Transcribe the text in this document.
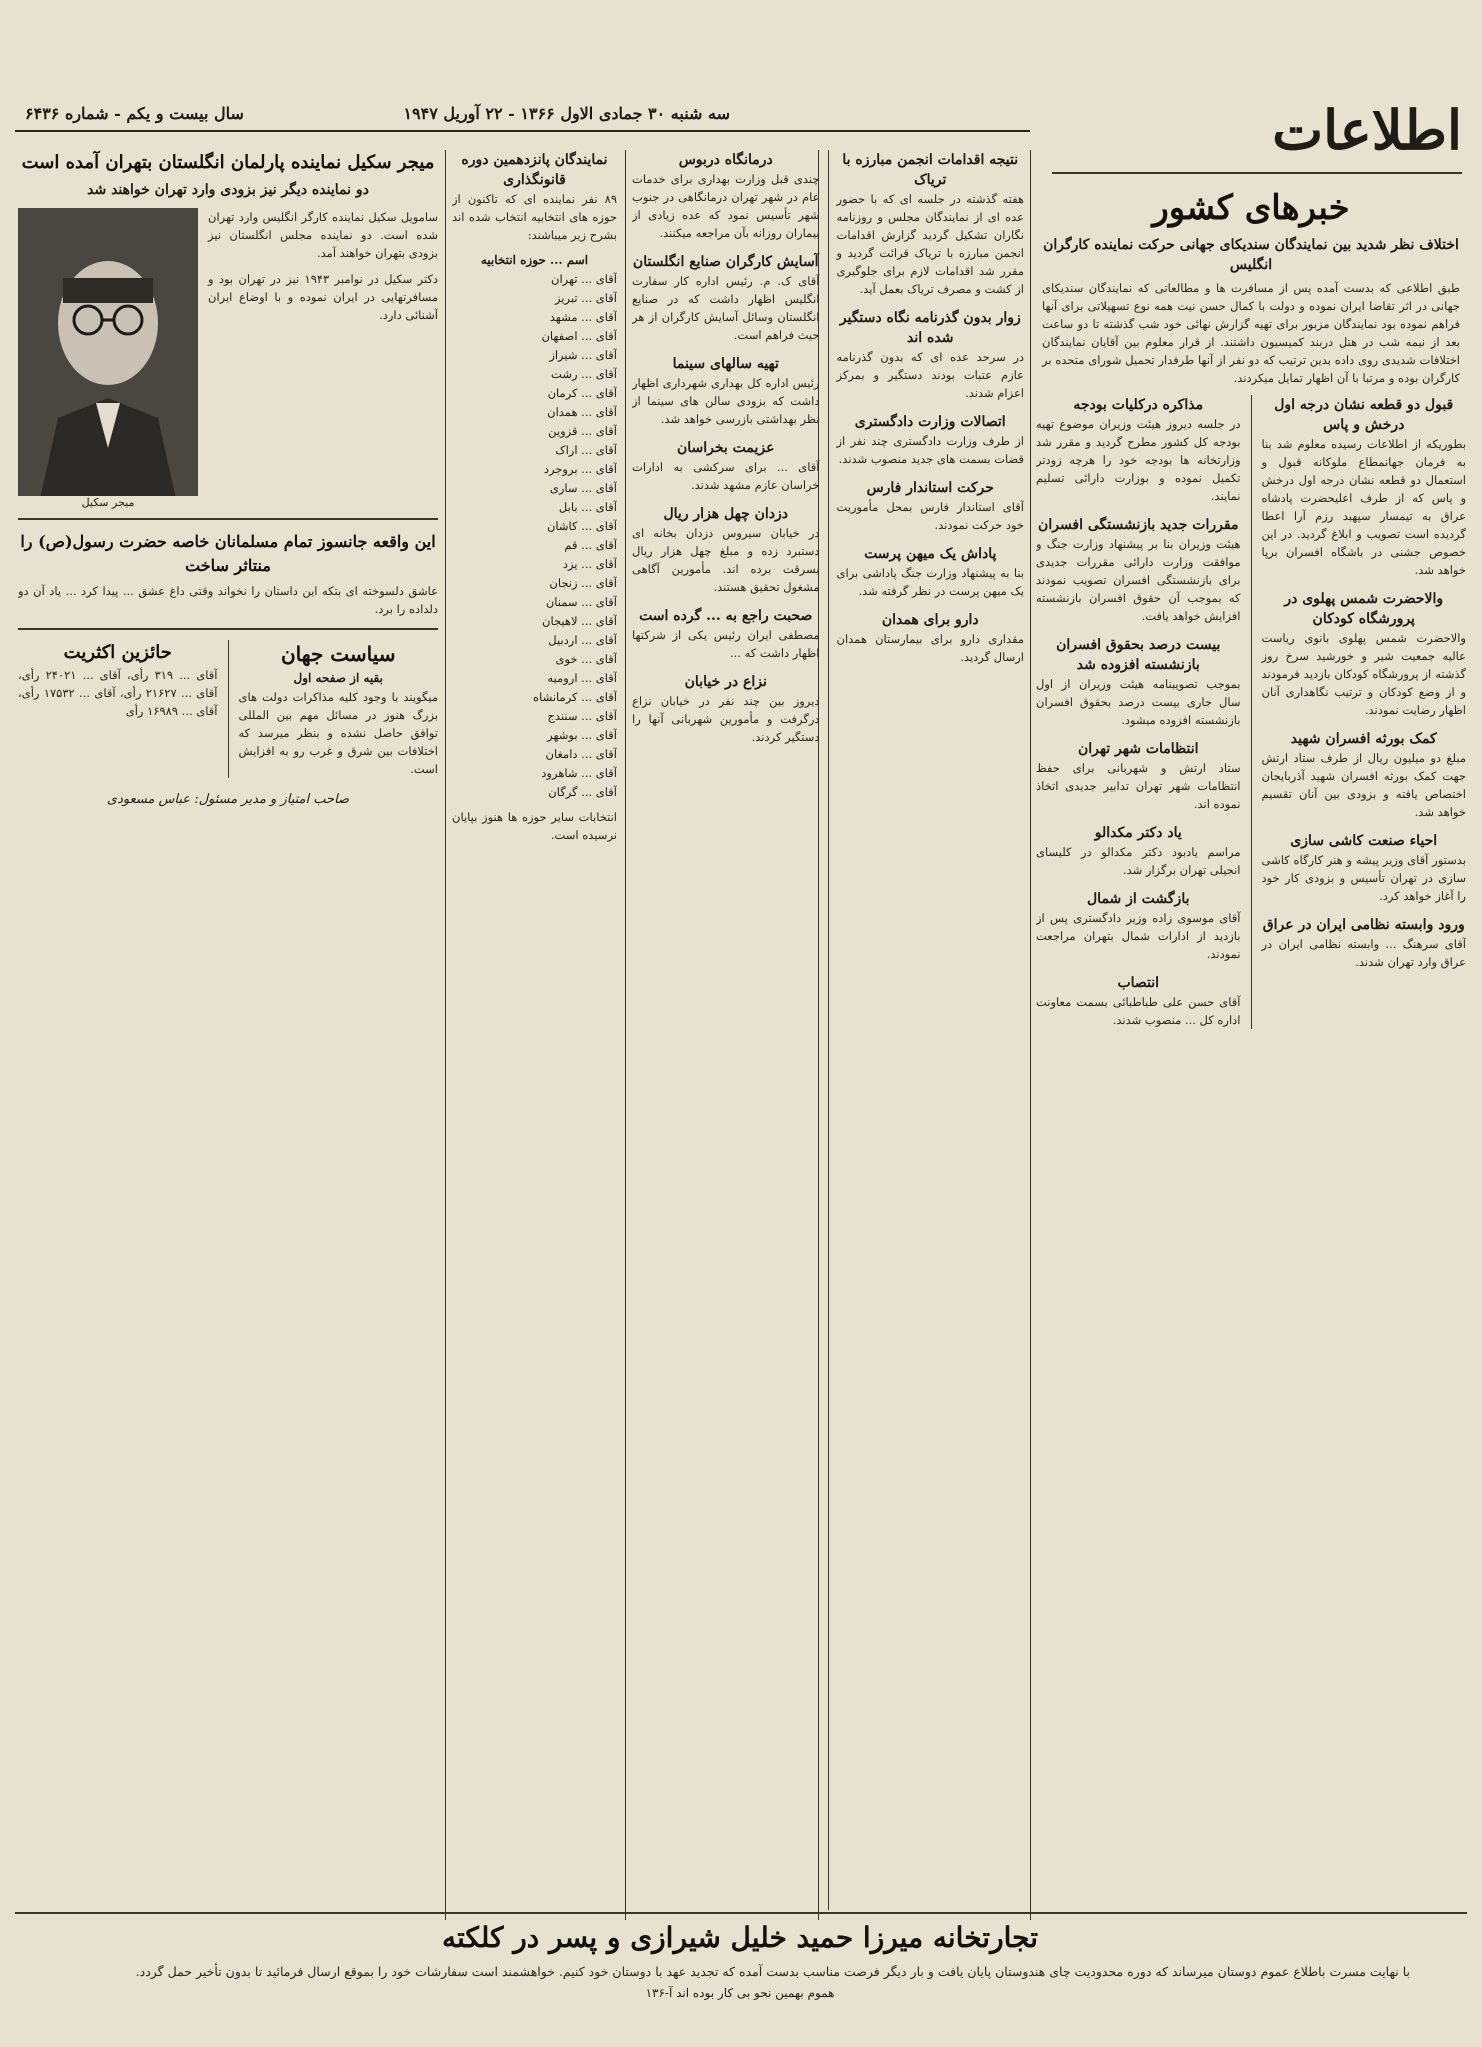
سه شنبه ۳۰ جمادی الاول ۱۳۶۶ - ۲۲ آوریل ۱۹۴۷
سال بیست و یکم - شماره ۶۴۳۶	اطلاعات
خبرهای کشور
اختلاف نظر شدید بین نمایندگان سندیکای جهانی حرکت نماینده کارگران انگلیس
طبق اطلاعی که بدست آمده پس از مسافرت ها و مطالعاتی که نمایندگان سندیکای جهانی در اثر تقاضا ایران نموده و دولت با کمال حسن نیت همه نوع تسهیلاتی برای آنها فراهم نموده بود نمایندگان مزبور برای تهیه گزارش نهائی خود شب گذشته تا دو ساعت بعد از نیمه شب در هتل دربند کمیسیون داشتند. از قرار معلوم بین آقایان نمایندگان اختلافات شدیدی روی داده بدین ترتیب که دو نفر از آنها طرفدار تحمیل شورای متحده بر کارگران بوده و مرتبا با آن اظهار تمایل میکردند.
قبول دو قطعه نشان درجه اول درخش و پاس
بطوریکه از اطلاعات رسیده معلوم شد بنا به فرمان جهانمطاع ملوکانه قبول و استعمال دو قطعه نشان درجه اول درخش و پاس که از طرف اعلیحضرت پادشاه عراق به تیمسار سپهبد رزم آرا اعطا گردیده است تصویب و ابلاغ گردید. در این خصوص جشنی در باشگاه افسران برپا خواهد شد.
والاحضرت شمس پهلوی در پرورشگاه کودکان
والاحضرت شمس پهلوی بانوی ریاست عالیه جمعیت شیر و خورشید سرخ روز گذشته از پرورشگاه کودکان بازدید فرمودند و از وضع کودکان و ترتیب نگاهداری آنان اظهار رضایت نمودند.
کمک بورثه افسران شهید
مبلغ دو میلیون ریال از طرف ستاد ارتش جهت کمک بورثه افسران شهید آذربایجان اختصاص یافته و بزودی بین آنان تقسیم خواهد شد.
احیاء صنعت کاشی سازی
بدستور آقای وزیر پیشه و هنر کارگاه کاشی سازی در تهران تأسیس و بزودی کار خود را آغاز خواهد کرد.
ورود وابسته نظامی ایران در عراق
آقای سرهنگ ... وابسته نظامی ایران در عراق وارد تهران شدند.
مذاکره درکلیات بودجه
در جلسه دیروز هیئت وزیران موضوع تهیه بودجه کل کشور مطرح گردید و مقرر شد وزارتخانه ها بودجه خود را هرچه زودتر تکمیل نموده و بوزارت دارائی تسلیم نمایند.
مقررات جدید بازنشستگی افسران
هیئت وزیران بنا بر پیشنهاد وزارت جنگ و موافقت وزارت دارائی مقررات جدیدی برای بازنشستگی افسران تصویب نمودند که بموجب آن حقوق افسران بازنشسته افزایش خواهد یافت.
بیست درصد بحقوق افسران بازنشسته افزوده شد
بموجب تصویبنامه هیئت وزیران از اول سال جاری بیست درصد بحقوق افسران بازنشسته افزوده میشود.
انتظامات شهر تهران
ستاد ارتش و شهربانی برای حفظ انتظامات شهر تهران تدابیر جدیدی اتخاذ نموده اند.
یاد دکتر مکدالو
مراسم یادبود دکتر مکدالو در کلیسای انجیلی تهران برگزار شد.
بازگشت از شمال
آقای موسوی زاده وزیر دادگستری پس از بازدید از ادارات شمال بتهران مراجعت نمودند.
انتصاب
آقای حسن علی طباطبائی بسمت معاونت اداره کل ... منصوب شدند.
نتیجه اقدامات انجمن مبارزه با تریاک
هفته گذشته در جلسه ای که با حضور عده ای از نمایندگان مجلس و روزنامه نگاران تشکیل گردید گزارش اقدامات انجمن مبارزه با تریاک قرائت گردید و مقرر شد اقدامات لازم برای جلوگیری از کشت و مصرف تریاک بعمل آید.
زوار بدون گذرنامه نگاه دستگیر شده اند
در سرحد عده ای که بدون گذرنامه عازم عتبات بودند دستگیر و بمرکز اعزام شدند.
اتصالات وزارت دادگستری
از طرف وزارت دادگستری چند نفر از قضات بسمت های جدید منصوب شدند.
حرکت استاندار فارس
آقای استاندار فارس بمحل مأموریت خود حرکت نمودند.
پاداش یک میهن پرست
بنا به پیشنهاد وزارت جنگ پاداشی برای یک میهن پرست در نظر گرفته شد.
دارو برای همدان
مقداری دارو برای بیمارستان همدان ارسال گردید.
درمانگاه دربوس
چندی قبل وزارت بهداری برای خدمات عام در شهر تهران درمانگاهی در جنوب شهر تأسیس نمود که عده زیادی از بیماران روزانه بآن مراجعه میکنند.
آسایش کارگران صنایع انگلستان
آقای ک. م. رئیس اداره کار سفارت انگلیس اظهار داشت که در صنایع انگلستان وسائل آسایش کارگران از هر حیث فراهم است.
تهیه سالهای سینما
رئیس اداره کل بهداری شهرداری اظهار داشت که بزودی سالن های سینما از نظر بهداشتی بازرسی خواهد شد.
عزیمت بخراسان
آقای ... برای سرکشی به ادارات خراسان عازم مشهد شدند.
دزدان چهل هزار ریال
در خیابان سیروس دزدان بخانه ای دستبرد زده و مبلغ چهل هزار ریال بسرقت برده اند. مأمورین آگاهی مشغول تحقیق هستند.
صحبت راجع به ... گرده است
مصطفی ایران رئیس یکی از شرکتها اظهار داشت که ...
نزاع در خیابان
دیروز بین چند نفر در خیابان نزاع درگرفت و مأمورین شهربانی آنها را دستگیر کردند.
نمایندگان پانزدهمین دوره قانونگذاری
۸۹ نفر نماینده ای که تاکنون از حوزه های انتخابیه انتخاب شده اند بشرح زیر میباشند:
اسم ... حوزه انتخابیه
آقای ... تهران
آقای ... تبریز
آقای ... مشهد
آقای ... اصفهان
آقای ... شیراز
آقای ... رشت
آقای ... کرمان
آقای ... همدان
آقای ... قزوین
آقای ... اراک
آقای ... بروجرد
آقای ... ساری
آقای ... بابل
آقای ... کاشان
آقای ... قم
آقای ... یزد
آقای ... زنجان
آقای ... سمنان
آقای ... لاهیجان
آقای ... اردبیل
آقای ... خوی
آقای ... ارومیه
آقای ... کرمانشاه
آقای ... سنندج
آقای ... بوشهر
آقای ... دامغان
آقای ... شاهرود
آقای ... گرگان
انتخابات سایر حوزه ها هنوز بپایان نرسیده است.
میجر سکیل نماینده پارلمان انگلستان بتهران آمده است
دو نماینده دیگر نیز بزودی وارد تهران خواهند شد
سامویل سکیل نماینده کارگر انگلیس وارد تهران شده است. دو نماینده مجلس انگلستان نیز بزودی بتهران خواهند آمد.
دکتر سکیل در نوامبر ۱۹۴۳ نیز در تهران بود و مسافرتهایی در ایران نموده و با اوضاع ایران آشنائی دارد.
ميجر سكيل
این واقعه جانسوز تمام مسلمانان خاصه حضرت رسول(ص) را منتاثر ساخت
عاشق دلسوخته ای بتکه این داستان را نخواند وقتی داغ عشق ... پیدا کرد ... یاد آن دو دلداده را برد.
سیاست جهان
بقیه از صفحه اول
میگویند با وجود کلیه مذاکرات دولت های بزرگ هنوز در مسائل مهم بین المللی توافق حاصل نشده و بنظر میرسد که اختلافات بین شرق و غرب رو به افزایش است.
حائزین اکثریت
آقای ... ۳۱۹ رأی، آقای ... ۲۴۰۲۱ رأی، آقای ... ۲۱۶۲۷ رأی، آقای ... ۱۷۵۳۲ رأی، آقای ... ۱۶۹۸۹ رأی
صاحب امتیاز و مدیر مسئول: عباس مسعودی
تجارتخانه میرزا حمید خلیل شیرازی و پسر در کلکته
با نهایت مسرت باطلاع عموم دوستان میرساند که دوره محدودیت چای هندوستان پایان یافت و بار دیگر فرصت مناسب بدست آمده که تجدید عهد با دوستان خود کنیم. خواهشمند است سفارشات خود را بموقع ارسال فرمائید تا بدون تأخیر حمل گردد.
هموم بهمین نحو بی کار بوده اند آ-۱۳۶
